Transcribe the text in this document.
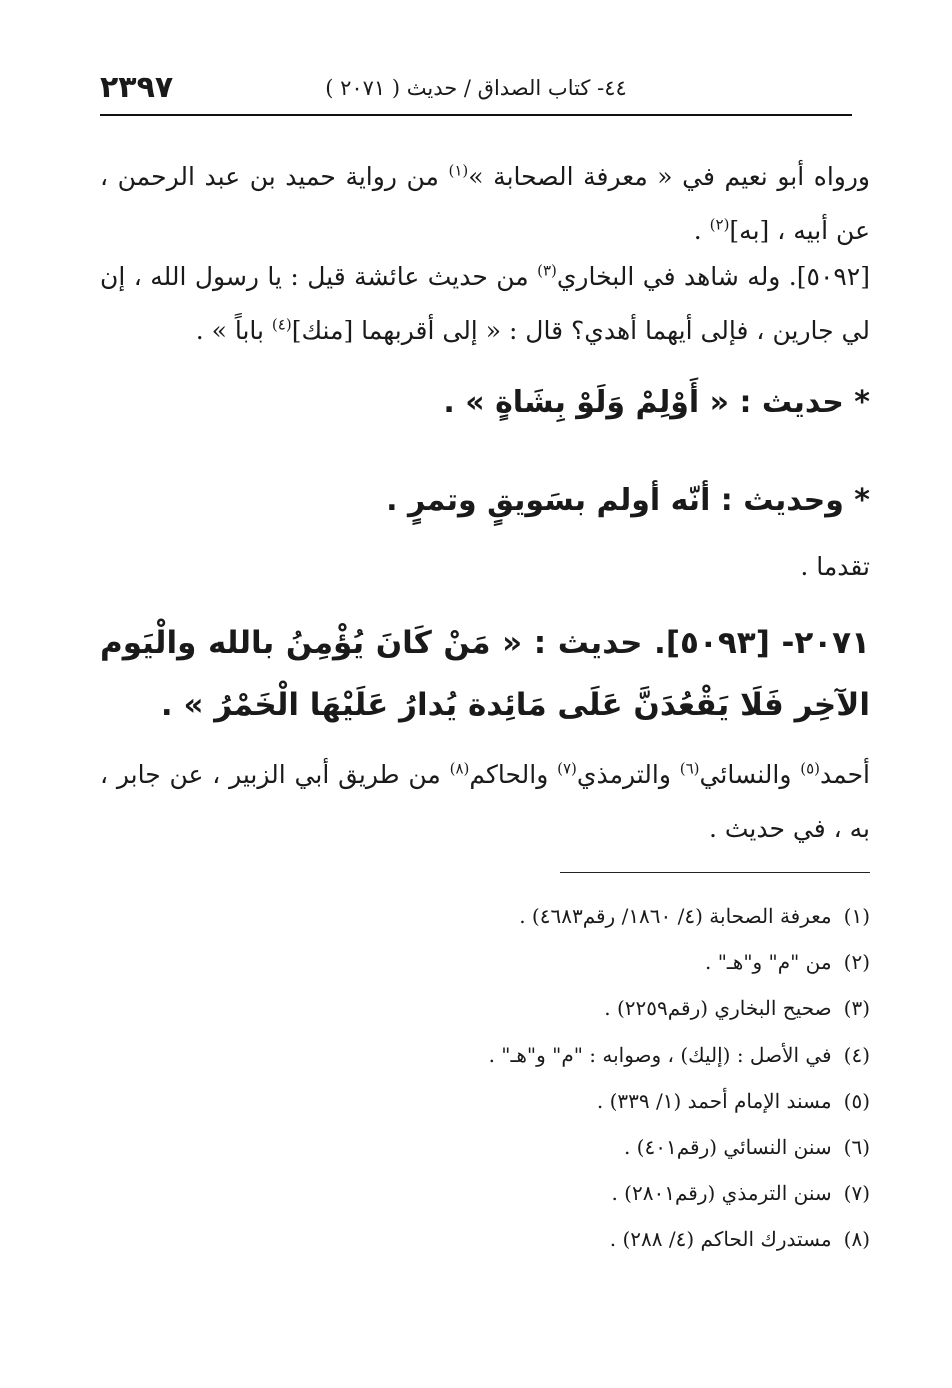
٢٣٩٧	٤٤- كتاب الصداق / حديث ( ٢٠٧١ )
ورواه أبو نعيم في « معرفة الصحابة »$^{(١)}$ من رواية حميد بن عبد الرحمن ، عن أبيه ، [به]$^{(٢)}$ .
[٥٠٩٢]. وله شاهد في البخاري$^{(٣)}$ من حديث عائشة قيل : يا رسول الله ، إن لي جارين ، فإلى أيهما أهدي؟ قال : « إلى أقربهما [منك]$^{(٤)}$ باباً » .
* حديث : « أَوْلِمْ وَلَوْ بِشَاةٍ » .
* وحديث : أنّه أولم بسَويقٍ وتمرٍ .
تقدما .
٢٠٧١- [٥٠٩٣]. حديث : « مَنْ كَانَ يُؤْمِنُ بالله والْيَوم الآخِر فَلَا يَقْعُدَنَّ عَلَى مَائِدة يُدارُ عَلَيْهَا الْخَمْرُ » .
أحمد$^{(٥)}$ والنسائي$^{(٦)}$ والترمذي$^{(٧)}$ والحاكم$^{(٨)}$ من طريق أبي الزبير ، عن جابر ، به ، في حديث .
(١)معرفة الصحابة (٤/ ١٨٦٠/ رقم٤٦٨٣) .
(٢)من "م" و"هـ" .
(٣)صحيح البخاري (رقم٢٢٥٩) .
(٤)في الأصل : (إليك) ، وصوابه : "م" و"هـ" .
(٥)مسند الإمام أحمد (١/ ٣٣٩) .
(٦)سنن النسائي (رقم٤٠١) .
(٧)سنن الترمذي (رقم٢٨٠١) .
(٨)مستدرك الحاكم (٤/ ٢٨٨) .
